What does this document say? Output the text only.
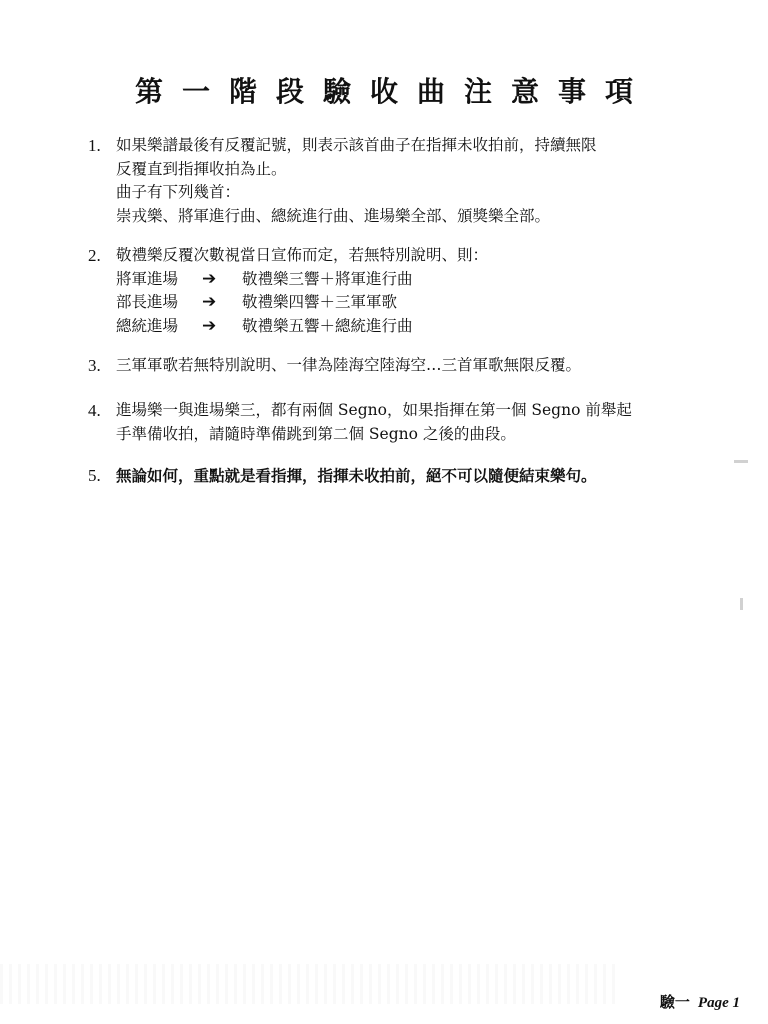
第一階段驗收曲注意事項
1. 如果樂譜最後有反覆記號，則表示該首曲子在指揮未收拍前，持續無限
反覆直到指揮收拍為止。
曲子有下列幾首：
崇戎樂、將軍進行曲、總統進行曲、進場樂全部、頒獎樂全部。
2. 敬禮樂反覆次數視當日宣佈而定，若無特別說明、則：
將軍進場 ➔ 敬禮樂三響＋將軍進行曲
部長進場 ➔ 敬禮樂四響＋三軍軍歌
總統進場 ➔ 敬禮樂五響＋總統進行曲
3. 三軍軍歌若無特別說明、一律為陸海空陸海空…三首軍歌無限反覆。
4. 進場樂一與進場樂三，都有兩個 Segno，如果指揮在第一個 Segno 前舉起
手準備收拍，請隨時準備跳到第二個 Segno 之後的曲段。
5. 無論如何，重點就是看指揮，指揮未收拍前，絕不可以隨便結束樂句。
驗一 Page 1
